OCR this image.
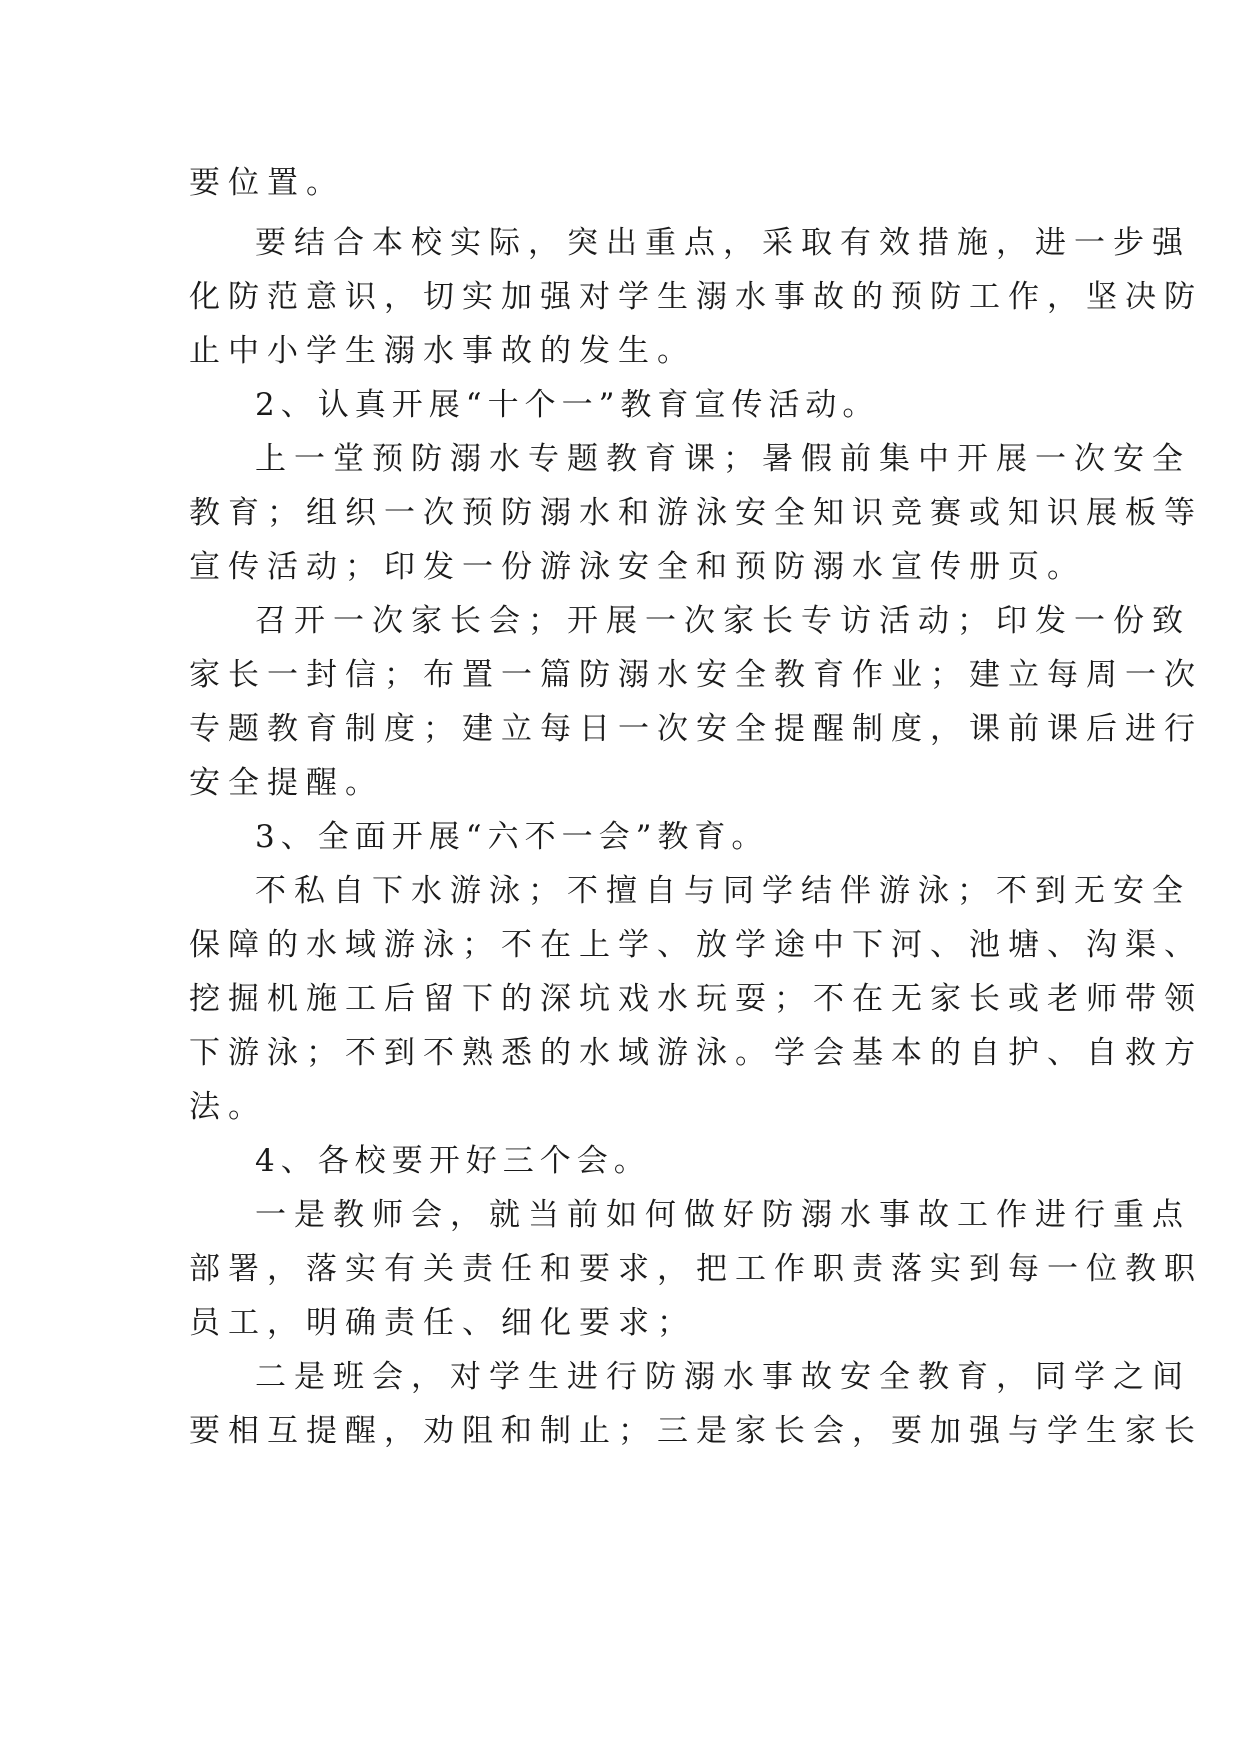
要位置。
要结合本校实际，突出重点，采取有效措施，进一步强
化防范意识，切实加强对学生溺水事故的预防工作，坚决防
止中小学生溺水事故的发生。
2、认真开展“十个一”教育宣传活动。
上一堂预防溺水专题教育课；暑假前集中开展一次安全
教育；组织一次预防溺水和游泳安全知识竞赛或知识展板等
宣传活动；印发一份游泳安全和预防溺水宣传册页。
召开一次家长会；开展一次家长专访活动；印发一份致
家长一封信；布置一篇防溺水安全教育作业；建立每周一次
专题教育制度；建立每日一次安全提醒制度，课前课后进行
安全提醒。
3、全面开展“六不一会”教育。
不私自下水游泳；不擅自与同学结伴游泳；不到无安全
保障的水域游泳；不在上学、放学途中下河、池塘、沟渠、
挖掘机施工后留下的深坑戏水玩耍；不在无家长或老师带领
下游泳；不到不熟悉的水域游泳。学会基本的自护、自救方
法。
4、各校要开好三个会。
一是教师会，就当前如何做好防溺水事故工作进行重点
部署，落实有关责任和要求，把工作职责落实到每一位教职
员工，明确责任、细化要求；
二是班会，对学生进行防溺水事故安全教育，同学之间
要相互提醒，劝阻和制止；三是家长会，要加强与学生家长
